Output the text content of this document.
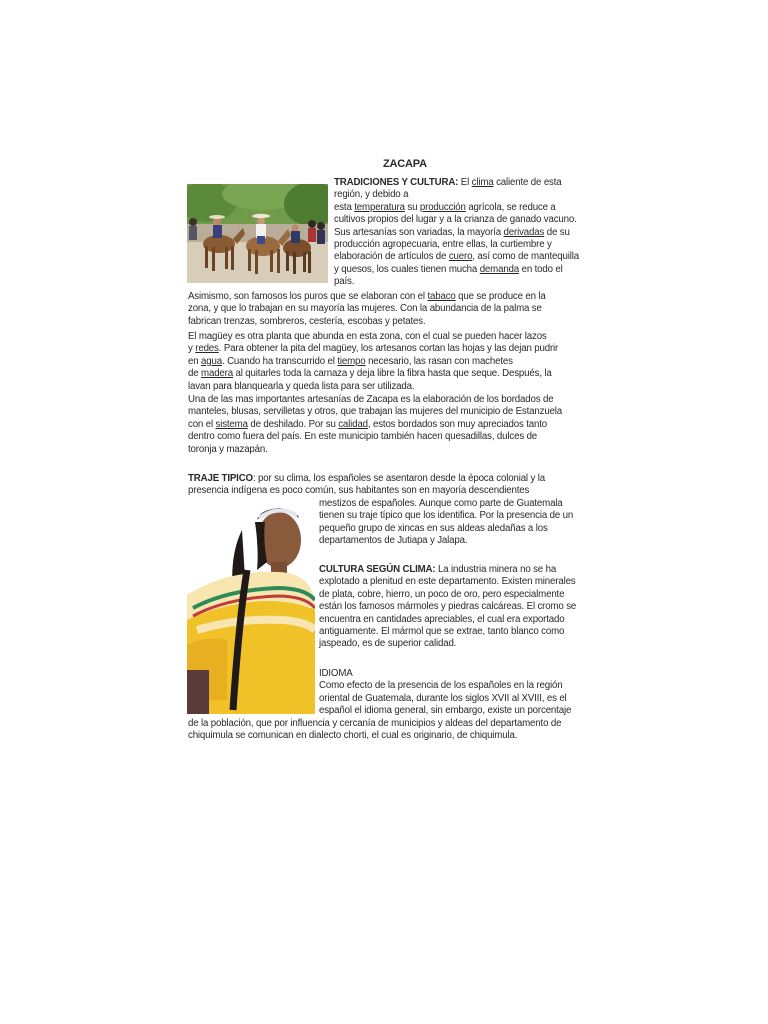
ZACAPA
TRADICIONES Y CULTURA: El clima caliente de esta
región, y debido a
esta temperatura su producción agrícola, se reduce a
cultivos propios del lugar y a la crianza de ganado vacuno.
Sus artesanías son variadas, la mayoría derivadas de su
producción agropecuaria, entre ellas, la curtiembre y
elaboración de artículos de cuero, así como de mantequilla
y quesos, los cuales tienen mucha demanda en todo el
país.
Asimismo, son famosos los puros que se elaboran con el tabaco que se produce en la
zona, y que lo trabajan en su mayoría las mujeres. Con la abundancia de la palma se
fabrican trenzas, sombreros, cestería, escobas y petates.
El magüey es otra planta que abunda en esta zona, con el cual se pueden hacer lazos
y redes. Para obtener la pita del magüey, los artesanos cortan las hojas y las dejan pudrir
en agua. Cuando ha transcurrido el tiempo necesario, las rasan con machetes
de madera al quitarles toda la carnaza y deja libre la fibra hasta que seque. Después, la
lavan para blanquearla y queda lista para ser utilizada.
Una de las mas importantes artesanías de Zacapa es la elaboración de los bordados de
manteles, blusas, servilletas y otros, que trabajan las mujeres del municipio de Estanzuela
con el sistema de deshilado. Por su calidad, estos bordados son muy apreciados tanto
dentro como fuera del país. En este municipio también hacen quesadillas, dulces de
toronja y mazapán.
TRAJE TIPICO: por su clima, los españoles se asentaron desde la época colonial y la
presencia indígena es poco común, sus habitantes son en mayoría descendientes
mestizos de españoles. Aunque como parte de Guatemala
tienen su traje típico que los identifica. Por la presencia de un
pequeño grupo de xincas en sus aldeas aledañas a los
departamentos de Jutiapa y Jalapa.
CULTURA SEGÚN CLIMA: La industria minera no se ha
explotado a plenitud en este departamento. Existen minerales
de plata, cobre, hierro, un poco de oro, pero especialmente
están los famosos mármoles y piedras calcáreas. El cromo se
encuentra en cantidades apreciables, el cual era exportado
antiguamente. El mármol que se extrae, tanto blanco como
jaspeado, es de superior calidad.
IDIOMA
Como efecto de la presencia de los españoles en la región
oriental de Guatemala, durante los siglos XVII al XVIII, es el
español el idioma general, sin embargo, existe un porcentaje
de la población, que por influencia y cercanía de municipios y aldeas del departamento de
chiquimula se comunican en dialecto chorti, el cual es originario, de chiquimula.
